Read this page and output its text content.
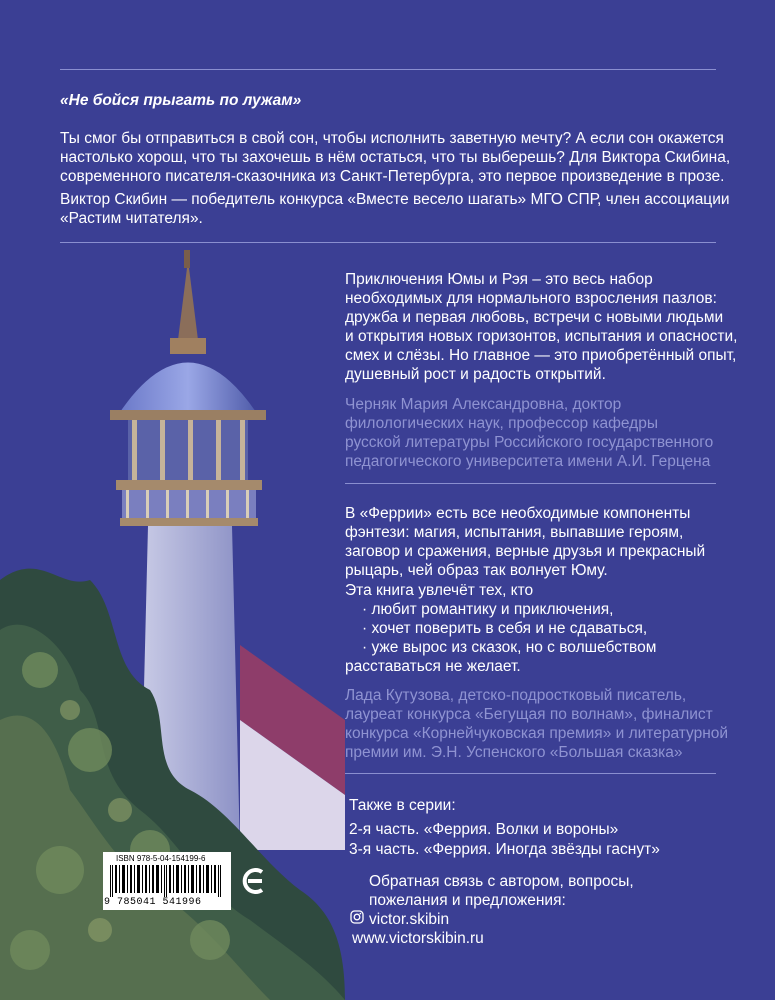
«Не бойся прыгать по лужам»
Ты смог бы отправиться в свой сон, чтобы исполнить заветную мечту? А если сон окажется
настолько хорош, что ты захочешь в нём остаться, что ты выберешь? Для Виктора Скибина,
современного писателя-сказочника из Санкт-Петербурга, это первое произведение в прозе.
Виктор Скибин — победитель конкурса «Вместе весело шагать» МГО СПР, член ассоциации
«Растим читателя».
Приключения Юмы и Рэя – это весь набор
необходимых для нормального взросления пазлов:
дружба и первая любовь, встречи с новыми людьми
и открытия новых горизонтов, испытания и опасности,
смех и слёзы. Но главное — это приобретённый опыт,
душевный рост и радость открытий.
Черняк Мария Александровна, доктор
филологических наук, профессор кафедры
русской литературы Российского государственного
педагогического университета имени А.И. Герцена
В «Феррии» есть все необходимые компоненты
фэнтези: магия, испытания, выпавшие героям,
заговор и сражения, верные друзья и прекрасный
рыцарь, чей образ так волнует Юму.
Эта книга увлечёт тех, кто
· любит романтику и приключения,
· хочет поверить в себя и не сдаваться,
· уже вырос из сказок, но с волшебством
расставаться не желает.
Лада Кутузова, детско-подростковый писатель,
лауреат конкурса «Бегущая по волнам», финалист
конкурса «Корнейчуковская премия» и литературной
премии им. Э.Н. Успенского «Большая сказка»
Также в серии:
2-я часть. «Феррия. Волки и вороны»
3-я часть. «Феррия. Иногда звёзды гаснут»
ISBN 978-5-04-154199-6
9 785041 541996
Обратная связь с автором, вопросы,
пожелания и предложения:
victor.skibin
www.victorskibin.ru
